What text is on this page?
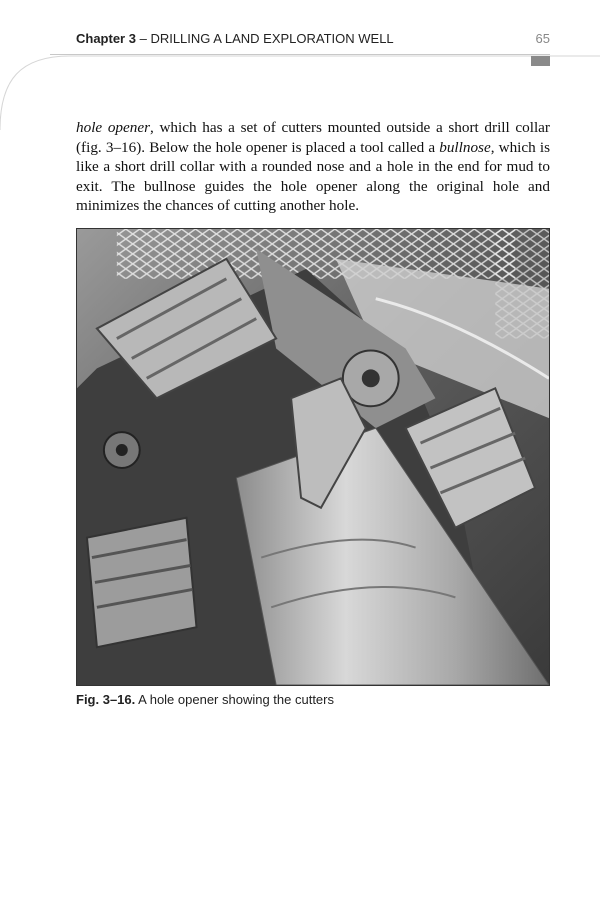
Chapter 3 – DRILLING A LAND EXPLORATION WELL	65

hole opener, which has a set of cutters mounted outside a short drill collar (fig. 3–16). Below the hole opener is placed a tool called a bullnose, which is like a short drill collar with a rounded nose and a hole in the end for mud to exit. The bullnose guides the hole opener along the original hole and minimizes the chances of cutting another hole.

Fig. 3–16. A hole opener showing the cutters
